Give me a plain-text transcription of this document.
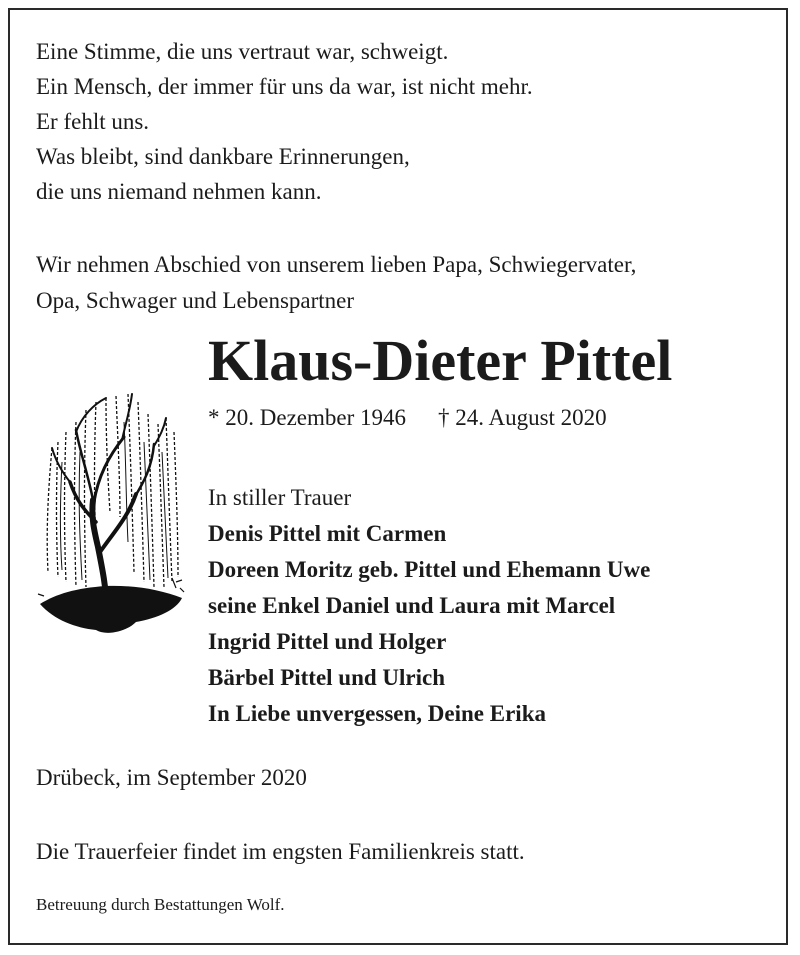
Eine Stimme, die uns vertraut war, schweigt.
Ein Mensch, der immer für uns da war, ist nicht mehr.
Er fehlt uns.
Was bleibt, sind dankbare Erinnerungen,
die uns niemand nehmen kann.
Wir nehmen Abschied von unserem lieben Papa, Schwiegervater,
Opa, Schwager und Lebenspartner
Klaus-Dieter Pittel
* 20. Dezember 1946 † 24. August 2020
In stiller Trauer
Denis Pittel mit Carmen
Doreen Moritz geb. Pittel und Ehemann Uwe
seine Enkel Daniel und Laura mit Marcel
Ingrid Pittel und Holger
Bärbel Pittel und Ulrich
In Liebe unvergessen, Deine Erika
Drübeck, im September 2020
Die Trauerfeier findet im engsten Familienkreis statt.
Betreuung durch Bestattungen Wolf.
